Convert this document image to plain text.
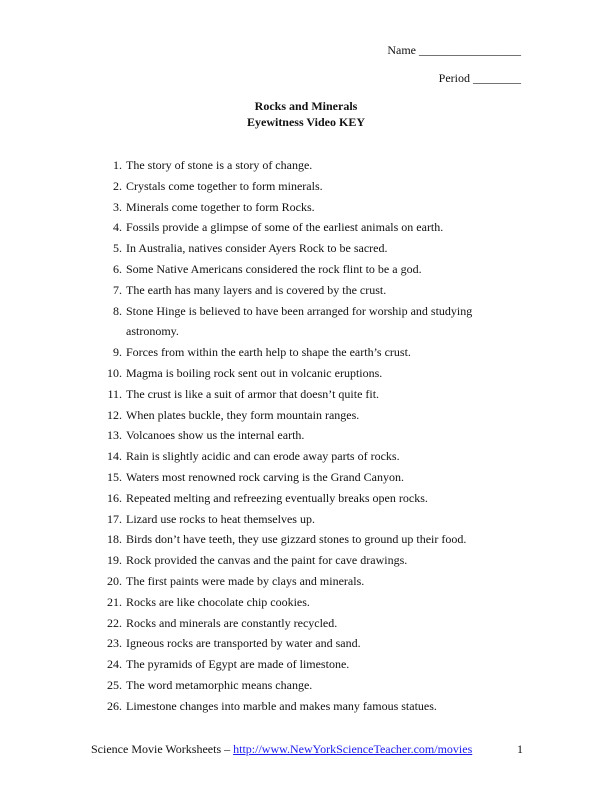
Name _________________
Period ________
Rocks and Minerals
Eyewitness Video KEY
1. The story of stone is a story of change.
2. Crystals come together to form minerals.
3. Minerals come together to form Rocks.
4. Fossils provide a glimpse of some of the earliest animals on earth.
5. In Australia, natives consider Ayers Rock to be sacred.
6. Some Native Americans considered the rock flint to be a god.
7. The earth has many layers and is covered by the crust.
8. Stone Hinge is believed to have been arranged for worship and studying astronomy.
9. Forces from within the earth help to shape the earth’s crust.
10. Magma is boiling rock sent out in volcanic eruptions.
11. The crust is like a suit of armor that doesn’t quite fit.
12. When plates buckle, they form mountain ranges.
13. Volcanoes show us the internal earth.
14. Rain is slightly acidic and can erode away parts of rocks.
15. Waters most renowned rock carving is the Grand Canyon.
16. Repeated melting and refreezing eventually breaks open rocks.
17. Lizard use rocks to heat themselves up.
18. Birds don’t have teeth, they use gizzard stones to ground up their food.
19. Rock provided the canvas and the paint for cave drawings.
20. The first paints were made by clays and minerals.
21. Rocks are like chocolate chip cookies.
22. Rocks and minerals are constantly recycled.
23. Igneous rocks are transported by water and sand.
24. The pyramids of Egypt are made of limestone.
25. The word metamorphic means change.
26. Limestone changes into marble and makes many famous statues.
Science Movie Worksheets – http://www.NewYorkScienceTeacher.com/movies	1
